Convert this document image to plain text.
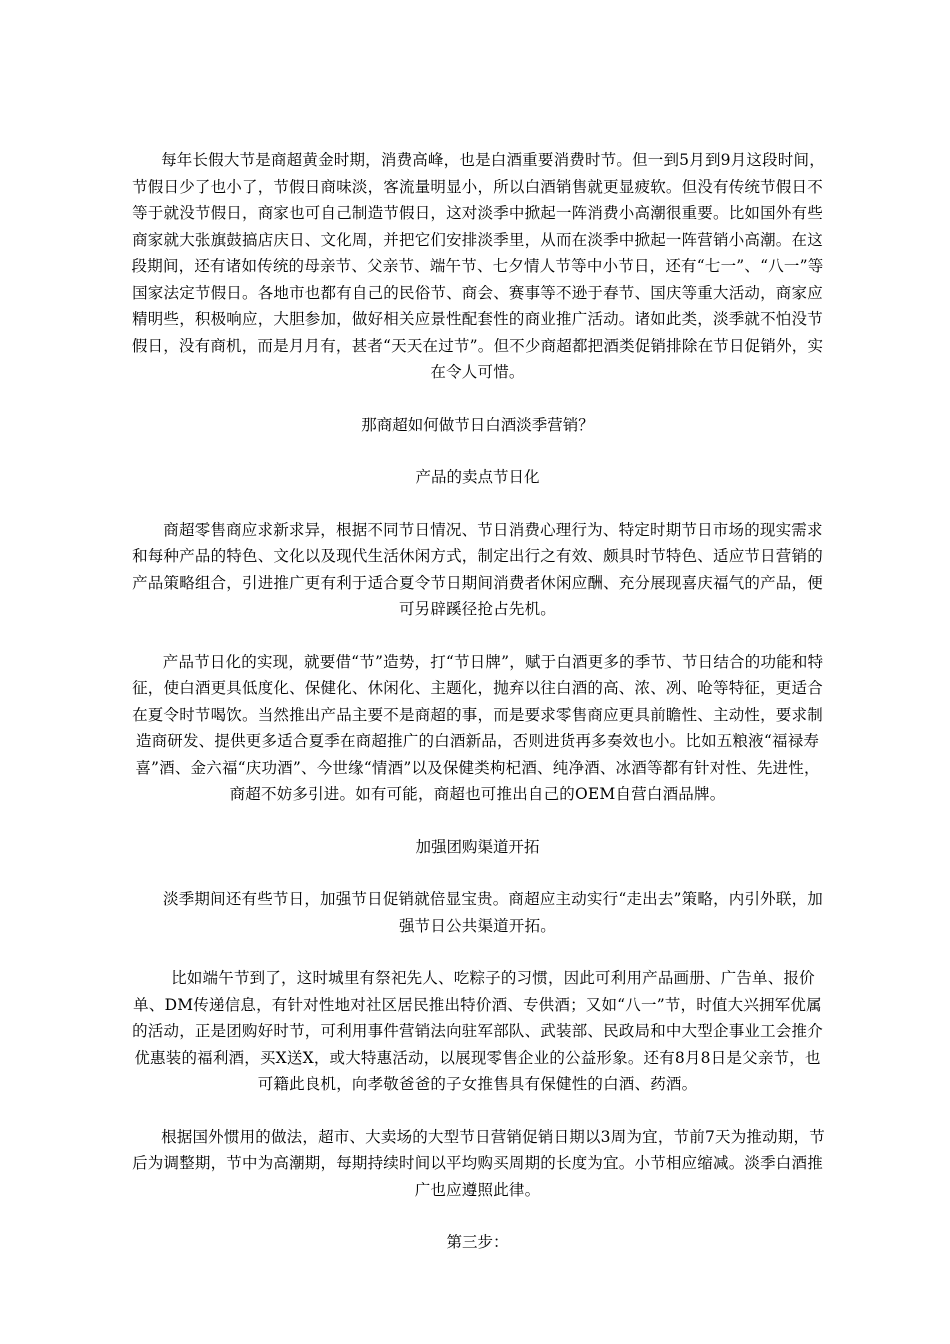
每年长假大节是商超黄金时期，消费高峰，也是白酒重要消费时节。但一到5月到9月这段时间，节假日少了也小了，节假日商味淡，客流量明显小，所以白酒销售就更显疲软。但没有传统节假日不等于就没节假日，商家也可自己制造节假日，这对淡季中掀起一阵消费小高潮很重要。比如国外有些商家就大张旗鼓搞店庆日、文化周，并把它们安排淡季里，从而在淡季中掀起一阵营销小高潮。在这段期间，还有诸如传统的母亲节、父亲节、端午节、七夕情人节等中小节日，还有“七一”、“八一”等国家法定节假日。各地市也都有自己的民俗节、商会、赛事等不逊于春节、国庆等重大活动，商家应精明些，积极响应，大胆参加，做好相关应景性配套性的商业推广活动。诸如此类，淡季就不怕没节假日，没有商机，而是月月有，甚者“天天在过节”。但不少商超都把酒类促销排除在节日促销外，实在令人可惜。

那商超如何做节日白酒淡季营销？

产品的卖点节日化

商超零售商应求新求异，根据不同节日情况、节日消费心理行为、特定时期节日市场的现实需求和每种产品的特色、文化以及现代生活休闲方式，制定出行之有效、颇具时节特色、适应节日营销的产品策略组合，引进推广更有利于适合夏令节日期间消费者休闲应酬、充分展现喜庆福气的产品，便可另辟蹊径抢占先机。

产品节日化的实现，就要借“节”造势，打“节日牌”，赋于白酒更多的季节、节日结合的功能和特征，使白酒更具低度化、保健化、休闲化、主题化，抛弃以往白酒的高、浓、冽、呛等特征，更适合在夏令时节喝饮。当然推出产品主要不是商超的事，而是要求零售商应更具前瞻性、主动性，要求制造商研发、提供更多适合夏季在商超推广的白酒新品，否则进货再多奏效也小。比如五粮液“福禄寿喜”酒、金六福“庆功酒”、今世缘“情酒”以及保健类枸杞酒、纯净酒、冰酒等都有针对性、先进性，商超不妨多引进。如有可能，商超也可推出自己的OEM自营白酒品牌。

加强团购渠道开拓

淡季期间还有些节日，加强节日促销就倍显宝贵。商超应主动实行“走出去”策略，内引外联，加强节日公共渠道开拓。

比如端午节到了，这时城里有祭祀先人、吃粽子的习惯，因此可利用产品画册、广告单、报价单、DM传递信息，有针对性地对社区居民推出特价酒、专供酒；又如“八一”节，时值大兴拥军优属的活动，正是团购好时节，可利用事件营销法向驻军部队、武装部、民政局和中大型企事业工会推介优惠装的福利酒，买X送X，或大特惠活动，以展现零售企业的公益形象。还有8月8日是父亲节，也可籍此良机，向孝敬爸爸的子女推售具有保健性的白酒、药酒。

根据国外惯用的做法，超市、大卖场的大型节日营销促销日期以3周为宜，节前7天为推动期，节后为调整期，节中为高潮期，每期持续时间以平均购买周期的长度为宜。小节相应缩减。淡季白酒推广也应遵照此律。

第三步：
